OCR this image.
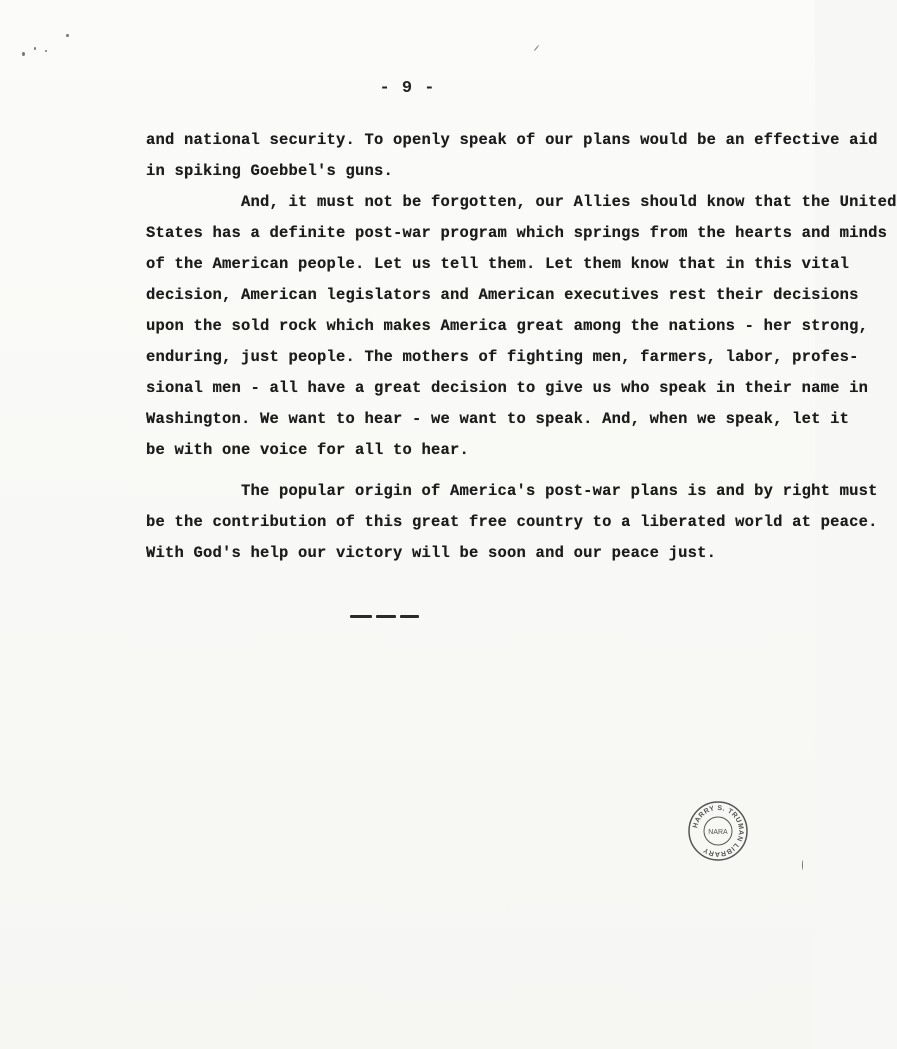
- 9 -
and national security. To openly speak of our plans would be an effective aid
in spiking Goebbel's guns.
And, it must not be forgotten, our Allies should know that the United
States has a definite post-war program which springs from the hearts and minds
of the American people. Let us tell them. Let them know that in this vital
decision, American legislators and American executives rest their decisions
upon the sold rock which makes America great among the nations - her strong,
enduring, just people. The mothers of fighting men, farmers, labor, profes-
sional men - all have a great decision to give us who speak in their name in
Washington. We want to hear - we want to speak. And, when we speak, let it
be with one voice for all to hear.
The popular origin of America's post-war plans is and by right must
be the contribution of this great free country to a liberated world at peace.
With God's help our victory will be soon and our peace just.
HARRY S. TRUMAN LIBRARY
NARA
